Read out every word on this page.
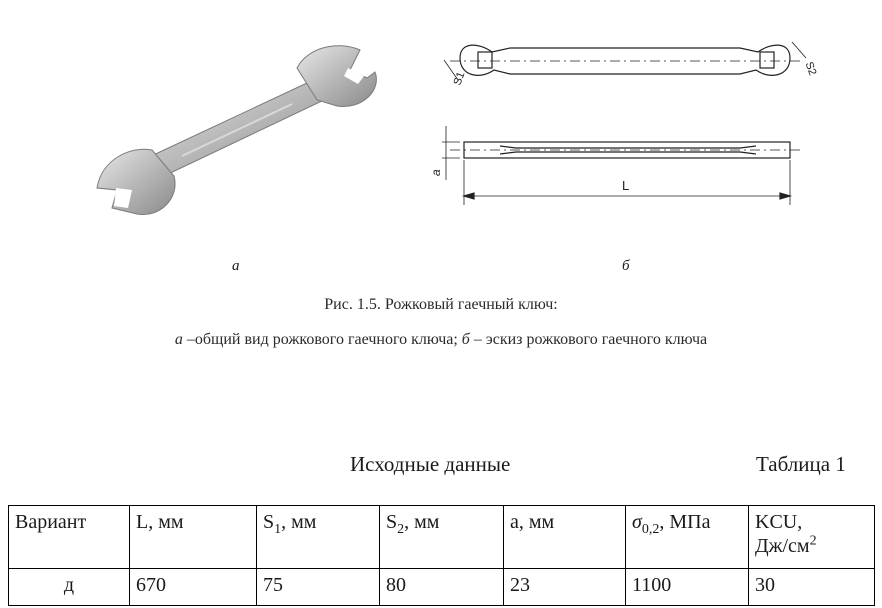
S1
S2
a
L
а	б
Рис. 1.5. Рожковый гаечный ключ:
а –общий вид рожкового гаечного ключа; б – эскиз рожкового гаечного ключа
Исходные данные	Таблица 1
Вариант	L, мм	$S_1$, мм	$S_2$, мм	а, мм	$\sigma_{0,2}$, МПа	KCU,
$Дж/см^2$
д	670	75	80	23	1100	30
